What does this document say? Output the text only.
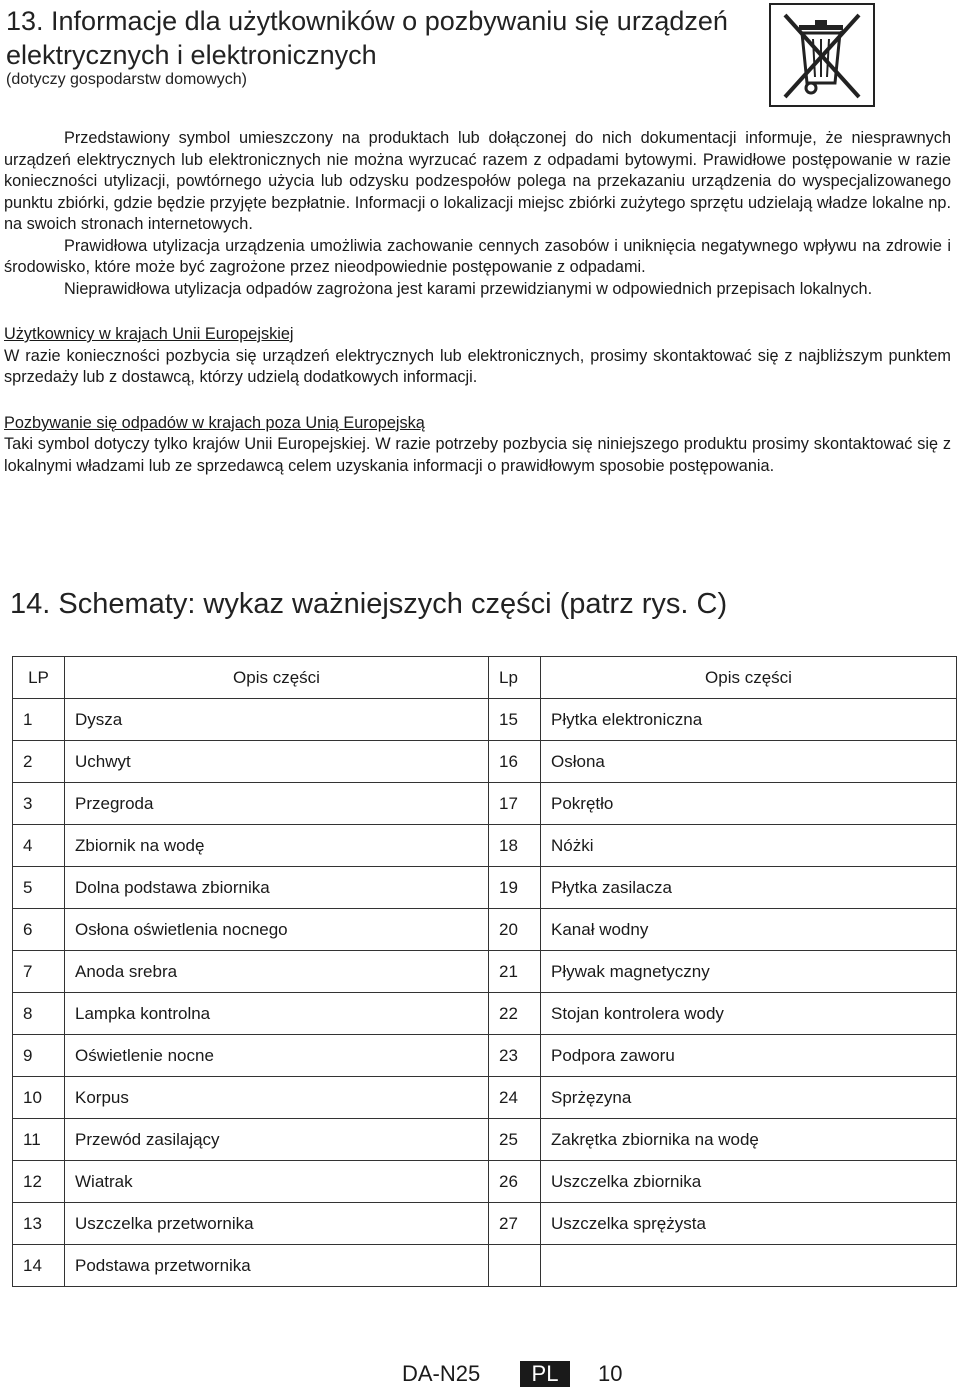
13. Informacje dla użytkowników o pozbywaniu się urządzeń elektrycznych i elektronicznych
(dotyczy gospodarstw domowych)

Przedstawiony symbol umieszczony na produktach lub dołączonej do nich dokumentacji informuje, że niesprawnych urządzeń elektrycznych lub elektronicznych nie można wyrzucać razem z odpadami bytowymi. Prawidłowe postępowanie w razie konieczności utylizacji, powtórnego użycia lub odzysku podzespołów polega na przekazaniu urządzenia do wyspecjalizowanego punktu zbiórki, gdzie będzie przyjęte bezpłatnie. Informacji o lokalizacji miejsc zbiórki zużytego sprzętu udzielają władze lokalne np. na swoich stronach internetowych.

Prawidłowa utylizacja urządzenia umożliwia zachowanie cennych zasobów i uniknięcia negatywnego wpływu na zdrowie i środowisko, które może być zagrożone przez nieodpowiednie postępowanie z odpadami.

Nieprawidłowa utylizacja odpadów zagrożona jest karami przewidzianymi w odpowiednich przepisach lokalnych.

Użytkownicy w krajach Unii Europejskiej

W razie konieczności pozbycia się urządzeń elektrycznych lub elektronicznych, prosimy skontaktować się z najbliższym punktem sprzedaży lub z dostawcą, którzy udzielą dodatkowych informacji.

Pozbywanie się odpadów w krajach poza Unią Europejską

Taki symbol dotyczy tylko krajów Unii Europejskiej. W razie potrzeby pozbycia się niniejszego produktu prosimy skontaktować się z lokalnymi władzami lub ze sprzedawcą celem uzyskania informacji o prawidłowym sposobie postępowania.

14. Schematy: wykaz ważniejszych części (patrz rys. C)
LP	Opis części	Lp	Opis części
1	Dysza	15	Płytka elektroniczna
2	Uchwyt	16	Osłona
3	Przegroda	17	Pokrętło
4	Zbiornik na wodę	18	Nóżki
5	Dolna podstawa zbiornika	19	Płytka zasilacza
6	Osłona oświetlenia nocnego	20	Kanał wodny
7	Anoda srebra	21	Pływak magnetyczny
8	Lampka kontrolna	22	Stojan kontrolera wody
9	Oświetlenie nocne	23	Podpora zaworu
10	Korpus	24	Sprżęzyna
11	Przewód zasilający	25	Zakrętka zbiornika na wodę
12	Wiatrak	26	Uszczelka zbiornika
13	Uszczelka przetwornika	27	Uszczelka sprężysta
14	Podstawa przetwornika		
DA-N25	PL	10
